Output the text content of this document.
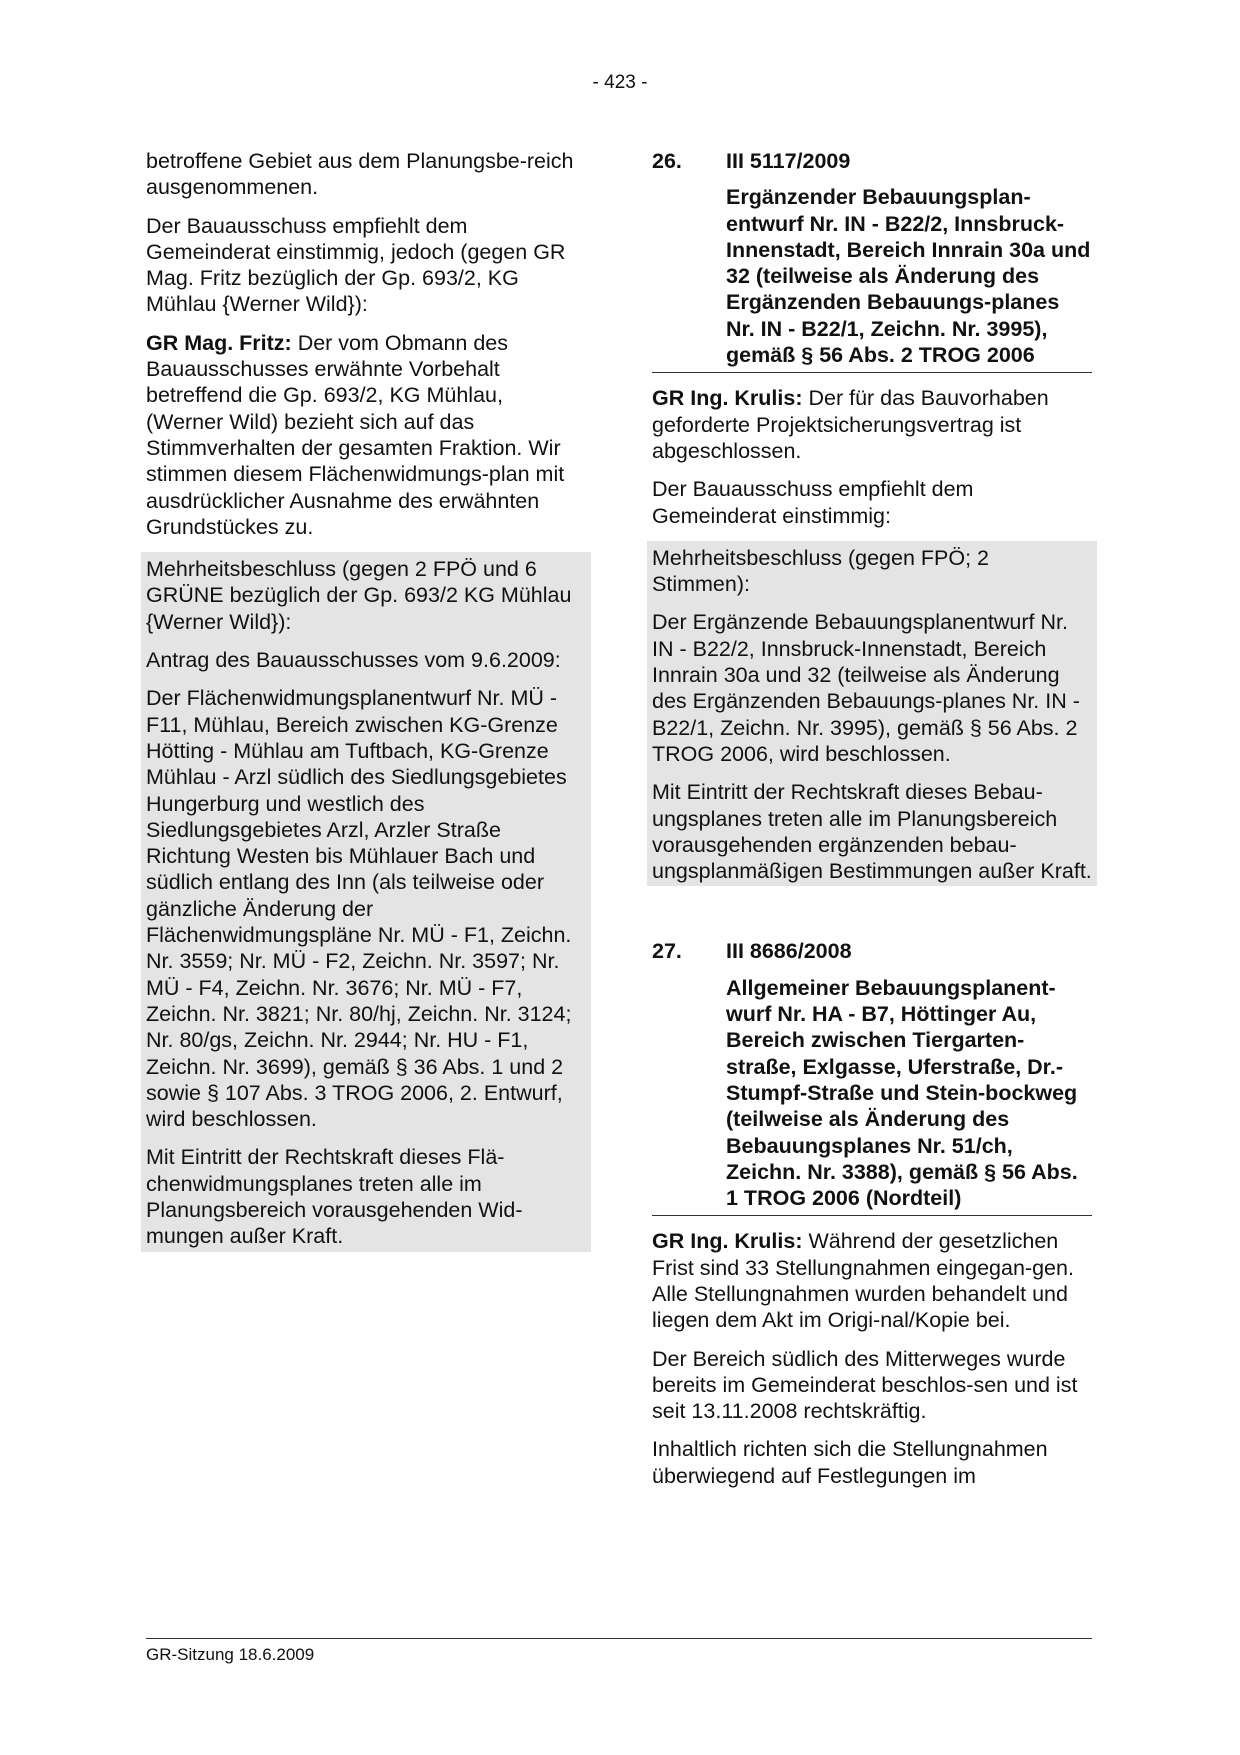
- 423 -

betroffene Gebiet aus dem Planungsbe-reich ausgenommenen.

Der Bauausschuss empfiehlt dem Gemeinderat einstimmig, jedoch (gegen GR Mag. Fritz bezüglich der Gp. 693/2, KG Mühlau {Werner Wild}):

GR Mag. Fritz: Der vom Obmann des Bauausschusses erwähnte Vorbehalt betreffend die Gp. 693/2, KG Mühlau, (Werner Wild) bezieht sich auf das Stimmverhalten der gesamten Fraktion. Wir stimmen diesem Flächenwidmungs-plan mit ausdrücklicher Ausnahme des erwähnten Grundstückes zu.

Mehrheitsbeschluss (gegen 2 FPÖ und 6 GRÜNE bezüglich der Gp. 693/2 KG Mühlau {Werner Wild}):

Antrag des Bauausschusses vom 9.6.2009:

Der Flächenwidmungsplanentwurf Nr. MÜ - F11, Mühlau, Bereich zwischen KG-Grenze Hötting - Mühlau am Tuftbach, KG-Grenze Mühlau - Arzl südlich des Siedlungsgebietes Hungerburg und westlich des Siedlungsgebietes Arzl, Arzler Straße Richtung Westen bis Mühlauer Bach und südlich entlang des Inn (als teilweise oder gänzliche Änderung der Flächenwidmungspläne Nr. MÜ - F1, Zeichn. Nr. 3559; Nr. MÜ - F2, Zeichn. Nr. 3597; Nr. MÜ - F4, Zeichn. Nr. 3676; Nr. MÜ - F7, Zeichn. Nr. 3821; Nr. 80/hj, Zeichn. Nr. 3124; Nr. 80/gs, Zeichn. Nr. 2944; Nr. HU - F1, Zeichn. Nr. 3699), gemäß § 36 Abs. 1 und 2 sowie § 107 Abs. 3 TROG 2006, 2. Entwurf, wird beschlossen.

Mit Eintritt der Rechtskraft dieses Flä-chenwidmungsplanes treten alle im Planungsbereich vorausgehenden Wid-mungen außer Kraft.

26.	III 5117/2009
Ergänzender Bebauungsplan-entwurf Nr. IN - B22/2, Innsbruck-Innenstadt, Bereich Innrain 30a und 32 (teilweise als Änderung des Ergänzenden Bebauungs-planes Nr. IN - B22/1, Zeichn. Nr. 3995), gemäß § 56 Abs. 2 TROG 2006

GR Ing. Krulis: Der für das Bauvorhaben geforderte Projektsicherungsvertrag ist abgeschlossen.

Der Bauausschuss empfiehlt dem Gemeinderat einstimmig:

Mehrheitsbeschluss (gegen FPÖ; 2 Stimmen):

Der Ergänzende Bebauungsplanentwurf Nr. IN - B22/2, Innsbruck-Innenstadt, Bereich Innrain 30a und 32 (teilweise als Änderung des Ergänzenden Bebauungs-planes Nr. IN - B22/1, Zeichn. Nr. 3995), gemäß § 56 Abs. 2 TROG 2006, wird beschlossen.

Mit Eintritt der Rechtskraft dieses Bebau-ungsplanes treten alle im Planungsbereich vorausgehenden ergänzenden bebau-ungsplanmäßigen Bestimmungen außer Kraft.

27.	III 8686/2008
Allgemeiner Bebauungsplanent-wurf Nr. HA - B7, Höttinger Au, Bereich zwischen Tiergarten-straße, Exlgasse, Uferstraße, Dr.-Stumpf-Straße und Stein-bockweg (teilweise als Änderung des Bebauungsplanes Nr. 51/ch, Zeichn. Nr. 3388), gemäß § 56 Abs. 1 TROG 2006 (Nordteil)

GR Ing. Krulis: Während der gesetzlichen Frist sind 33 Stellungnahmen eingegan-gen. Alle Stellungnahmen wurden behandelt und liegen dem Akt im Origi-nal/Kopie bei.

Der Bereich südlich des Mitterweges wurde bereits im Gemeinderat beschlos-sen und ist seit 13.11.2008 rechtskräftig.

Inhaltlich richten sich die Stellungnahmen überwiegend auf Festlegungen im

GR-Sitzung 18.6.2009
